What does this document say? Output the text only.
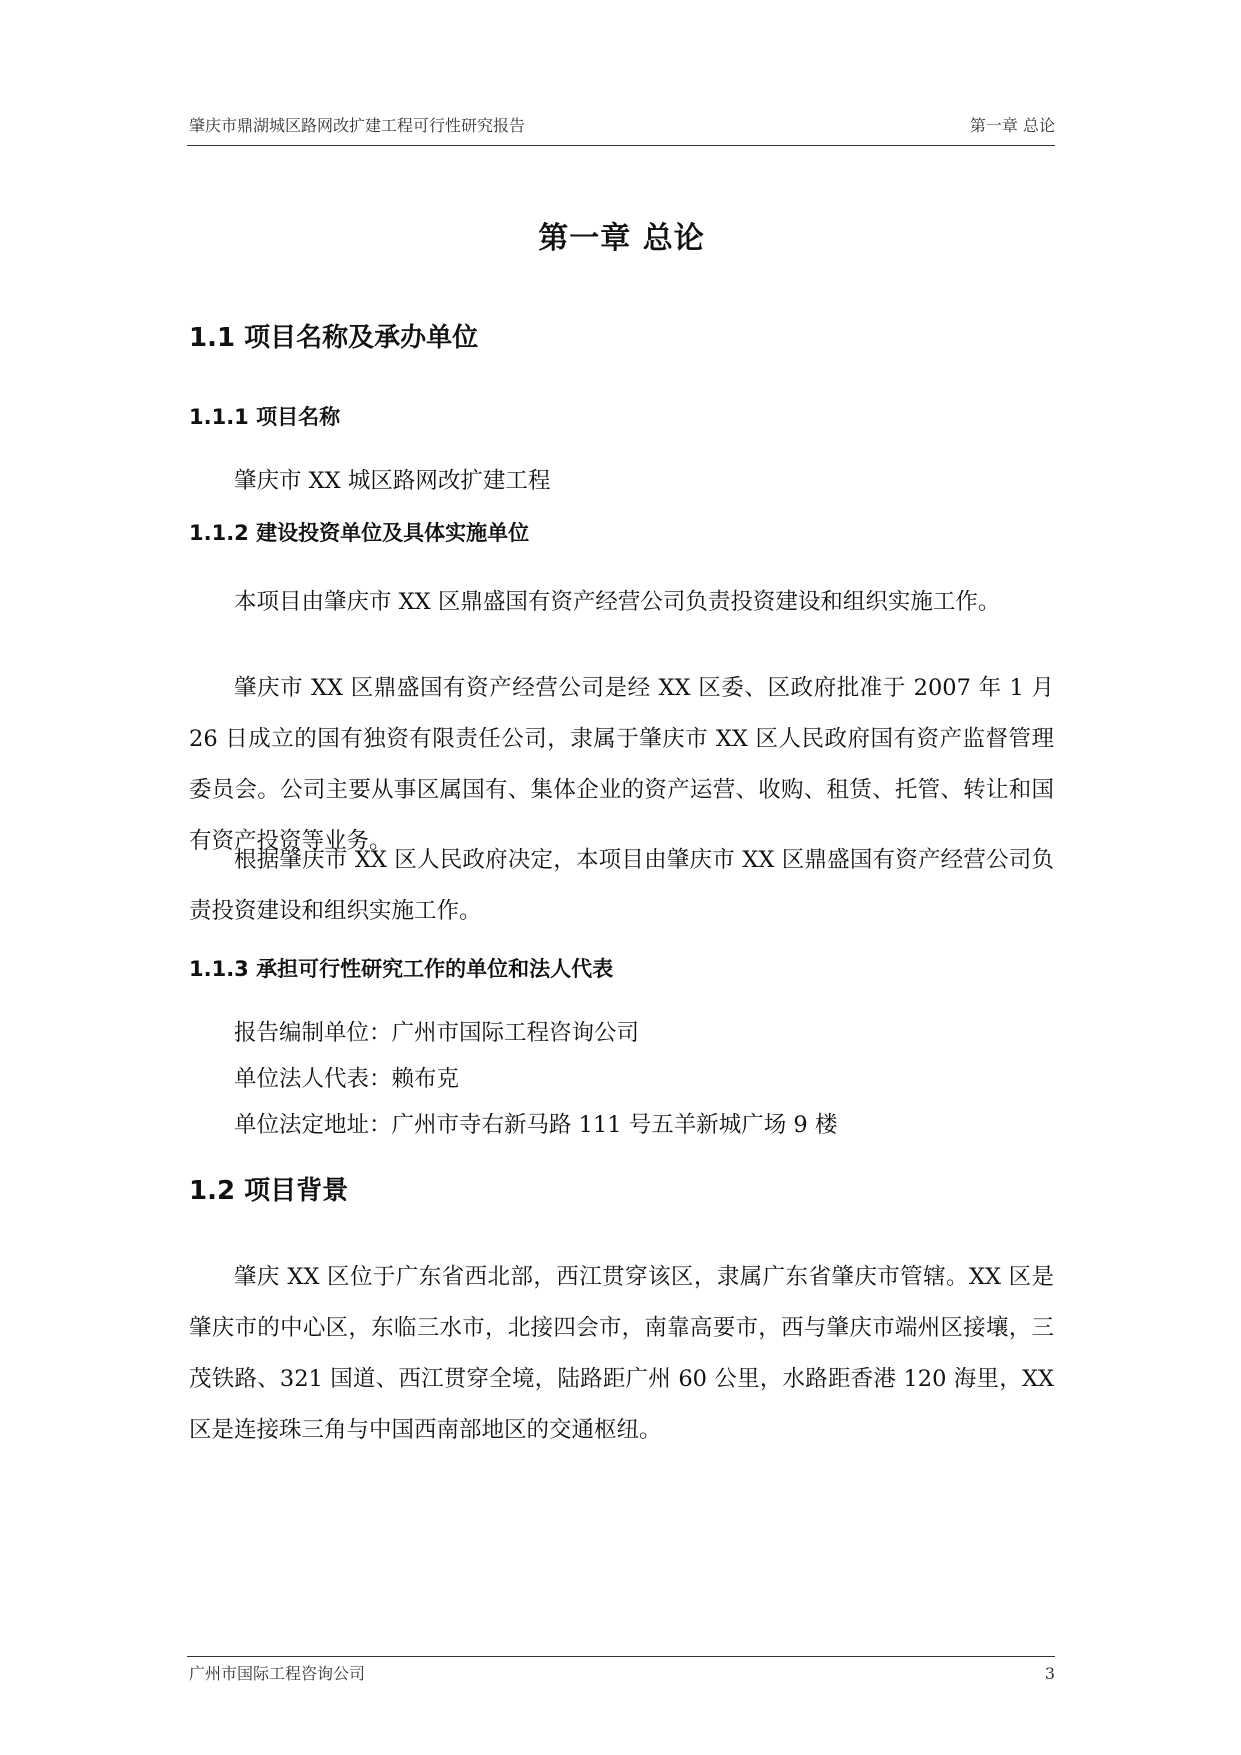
肇庆市鼎湖城区路网改扩建工程可行性研究报告	第一章 总论
第一章 总论
1.1 项目名称及承办单位
1.1.1 项目名称

肇庆市 XX 城区路网改扩建工程

1.1.2 建设投资单位及具体实施单位

本项目由肇庆市 XX 区鼎盛国有资产经营公司负责投资建设和组织实施工作。

肇庆市 XX 区鼎盛国有资产经营公司是经 XX 区委、区政府批准于 2007 年 1 月 26 日成立的国有独资有限责任公司，隶属于肇庆市 XX 区人民政府国有资产监督管理委员会。公司主要从事区属国有、集体企业的资产运营、收购、租赁、托管、转让和国有资产投资等业务。

根据肇庆市 XX 区人民政府决定，本项目由肇庆市 XX 区鼎盛国有资产经营公司负责投资建设和组织实施工作。

1.1.3 承担可行性研究工作的单位和法人代表

报告编制单位：广州市国际工程咨询公司

单位法人代表：赖布克

单位法定地址：广州市寺右新马路 111 号五羊新城广场 9 楼

1.2 项目背景

肇庆 XX 区位于广东省西北部，西江贯穿该区，隶属广东省肇庆市管辖。XX 区是肇庆市的中心区，东临三水市，北接四会市，南靠高要市，西与肇庆市端州区接壤，三茂铁路、321 国道、西江贯穿全境，陆路距广州 60 公里，水路距香港 120 海里，XX 区是连接珠三角与中国西南部地区的交通枢纽。

广州市国际工程咨询公司	3
